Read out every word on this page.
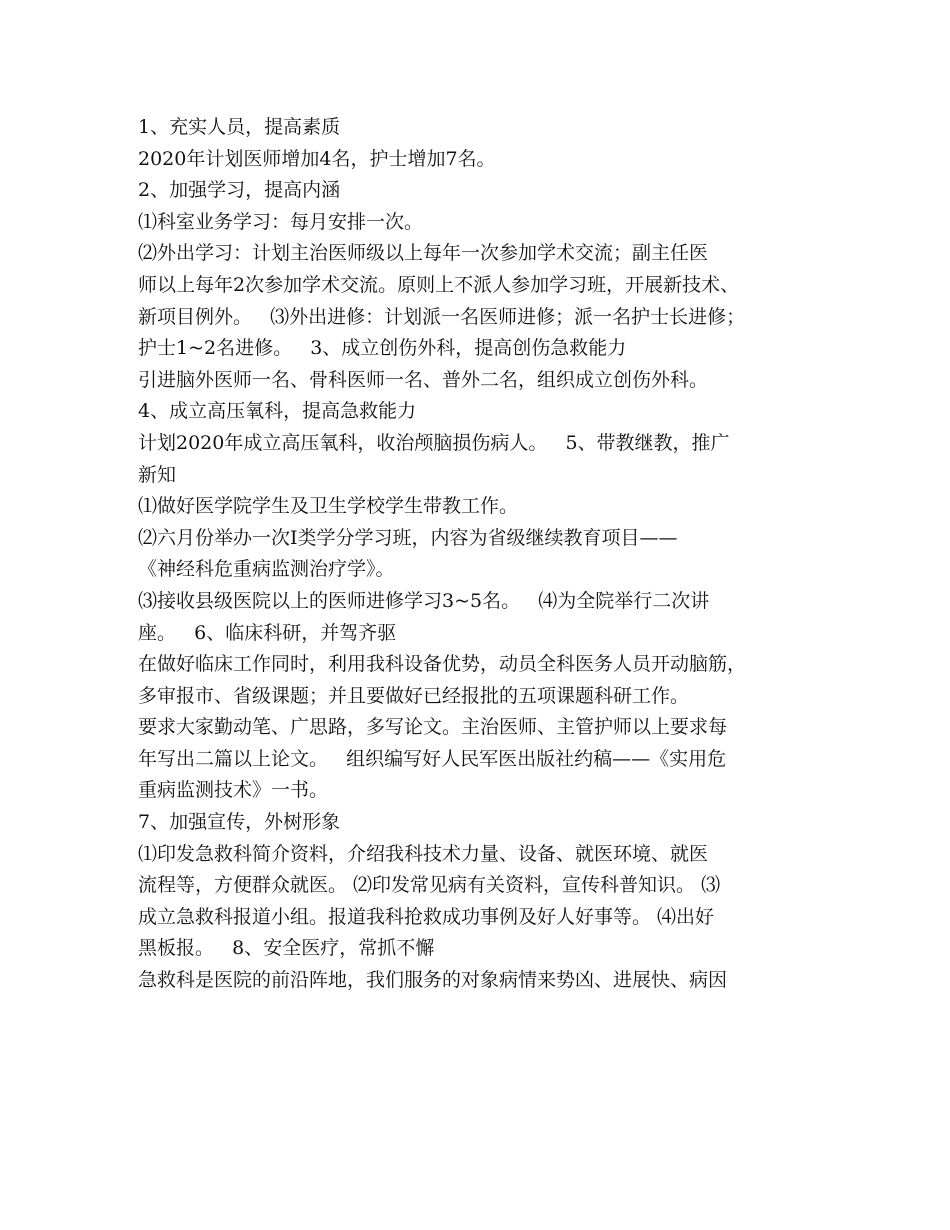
1、充实人员，提高素质
2020年计划医师增加4名，护士增加7名。
2、加强学习，提高内涵
⑴科室业务学习：每月安排一次。
⑵外出学习：计划主治医师级以上每年一次参加学术交流；副主任医
师以上每年2次参加学术交流。原则上不派人参加学习班，开展新技术、
新项目例外。   ⑶外出进修：计划派一名医师进修；派一名护士长进修；
护士1~2名进修。   3、成立创伤外科，提高创伤急救能力
引进脑外医师一名、骨科医师一名、普外二名，组织成立创伤外科。
4、成立高压氧科，提高急救能力
计划2020年成立高压氧科，收治颅脑损伤病人。   5、带教继教，推广
新知
⑴做好医学院学生及卫生学校学生带教工作。
⑵六月份举办一次Ⅰ类学分学习班，内容为省级继续教育项目——
《神经科危重病监测治疗学》。
⑶接收县级医院以上的医师进修学习3~5名。   ⑷为全院举行二次讲
座。   6、临床科研，并驾齐驱
在做好临床工作同时，利用我科设备优势，动员全科医务人员开动脑筋，
多审报市、省级课题；并且要做好已经报批的五项课题科研工作。
要求大家勤动笔、广思路，多写论文。主治医师、主管护师以上要求每
年写出二篇以上论文。   组织编写好人民军医出版社约稿——《实用危
重病监测技术》一书。
7、加强宣传，外树形象
⑴印发急救科简介资料，介绍我科技术力量、设备、就医环境、就医
流程等，方便群众就医。 ⑵印发常见病有关资料，宣传科普知识。 ⑶
成立急救科报道小组。报道我科抢救成功事例及好人好事等。 ⑷出好
黑板报。   8、安全医疗，常抓不懈
急救科是医院的前沿阵地，我们服务的对象病情来势凶、进展快、病因
